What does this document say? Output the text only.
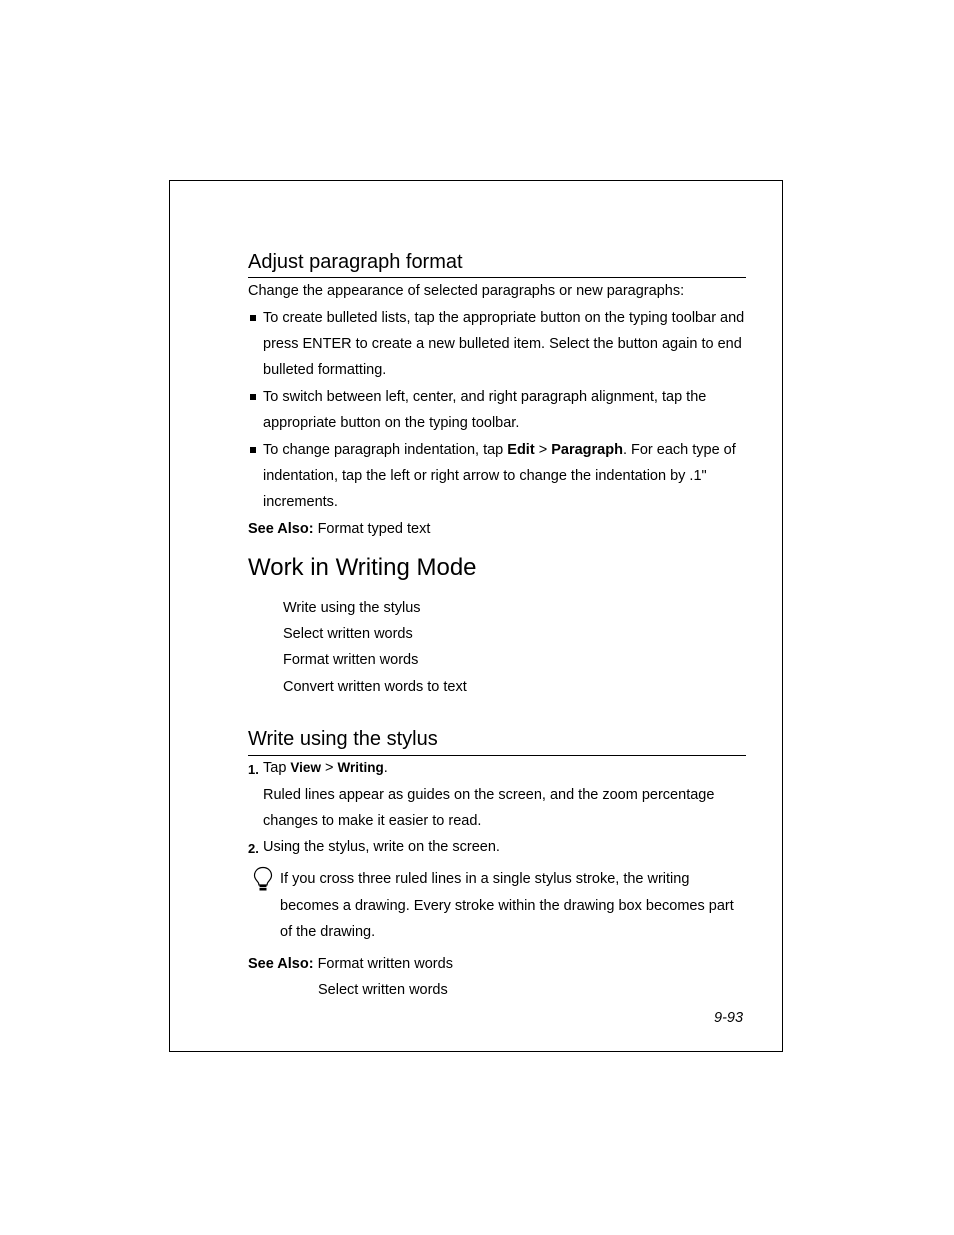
Adjust paragraph format
Change the appearance of selected paragraphs or new paragraphs:
To create bulleted lists, tap the appropriate button on the typing toolbar and
press ENTER to create a new bulleted item. Select the button again to end
bulleted formatting.
To switch between left, center, and right paragraph alignment, tap the
appropriate button on the typing toolbar.
To change paragraph indentation, tap Edit > Paragraph. For each type of
indentation, tap the left or right arrow to change the indentation by .1"
increments.
See Also: Format typed text
Work in Writing Mode
Write using the stylus
Select written words
Format written words
Convert written words to text
Write using the stylus
1. Tap View > Writing.
Ruled lines appear as guides on the screen, and the zoom percentage
changes to make it easier to read.
2. Using the stylus, write on the screen.
If you cross three ruled lines in a single stylus stroke, the writing
becomes a drawing. Every stroke within the drawing box becomes part
of the drawing.
See Also: Format written words
Select written words
9-93
